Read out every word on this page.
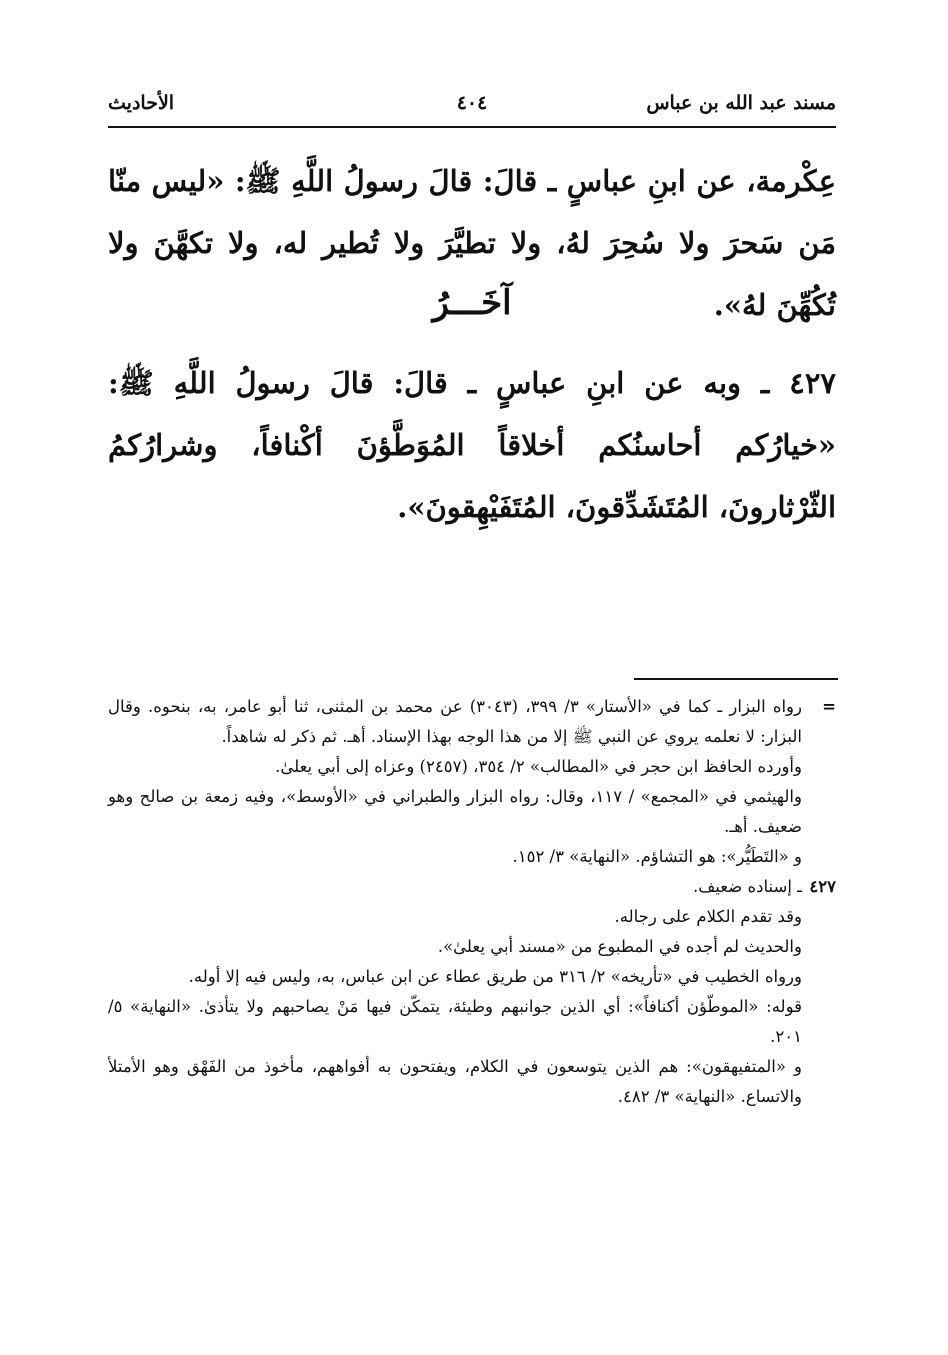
مسند عبد الله بن عباس
٤٠٤
الأحاديث
عِكْرمة، عن ابنِ عباسٍ ـ قالَ: قالَ رسولُ اللَّهِ ﷺ: «ليس منّا مَن سَحرَ ولا سُحِرَ لهُ، ولا تطيَّرَ ولا تُطير له، ولا تكهَّنَ ولا تُكُهِّنَ لهُ».
آخَـــرُ
٤٢٧ ـ وبه عن ابنِ عباسٍ ـ قالَ: قالَ رسولُ اللَّهِ ﷺ: «خيارُكم أحاسنُكم أخلاقاً المُوَطَّؤنَ أكْنافاً، وشرارُكمُ الثّرْثارونَ، المُتَشَدِّقونَ، المُتَفَيْهِقونَ».
=

رواه البزار ـ كما في «الأستار» ٣/ ٣٩٩، (٣٠٤٣) عن محمد بن المثنى، ثنا أبو عامر، به، بنحوه. وقال البزار: لا نعلمه يروي عن النبي ﷺ إلا من هذا الوجه بهذا الإسناد. أهـ. ثم ذكر له شاهداً.

وأورده الحافظ ابن حجر في «المطالب» ٢/ ٣٥٤، (٢٤٥٧) وعزاه إلى أبي يعلىٰ.

والهيثمي في «المجمع» / ١١٧، وقال: رواه البزار والطبراني في «الأوسط»، وفيه زمعة بن صالح وهو ضعيف. أهـ.

و «التَطَيُّر»: هو التشاؤم. «النهاية» ٣/ ١٥٢.

٤٢٧

ـ إسناده ضعيف.

وقد تقدم الكلام على رجاله.

والحديث لم أجده في المطبوع من «مسند أبي يعلىٰ».

ورواه الخطيب في «تأريخه» ٢/ ٣١٦ من طريق عطاء عن ابن عباس، به، وليس فيه إلا أوله.

قوله: «الموطّؤن أكنافاً»: أي الذين جوانبهم وطيئة، يتمكّن فيها مَنْ يصاحبهم ولا يتأذىٰ. «النهاية» ٥/ ٢٠١.

و «المتفيهقون»: هم الذين يتوسعون في الكلام، ويفتحون به أفواههم، مأخوذ من الفَهْق وهو الأمتلأ والاتساع. «النهاية» ٣/ ٤٨٢.
